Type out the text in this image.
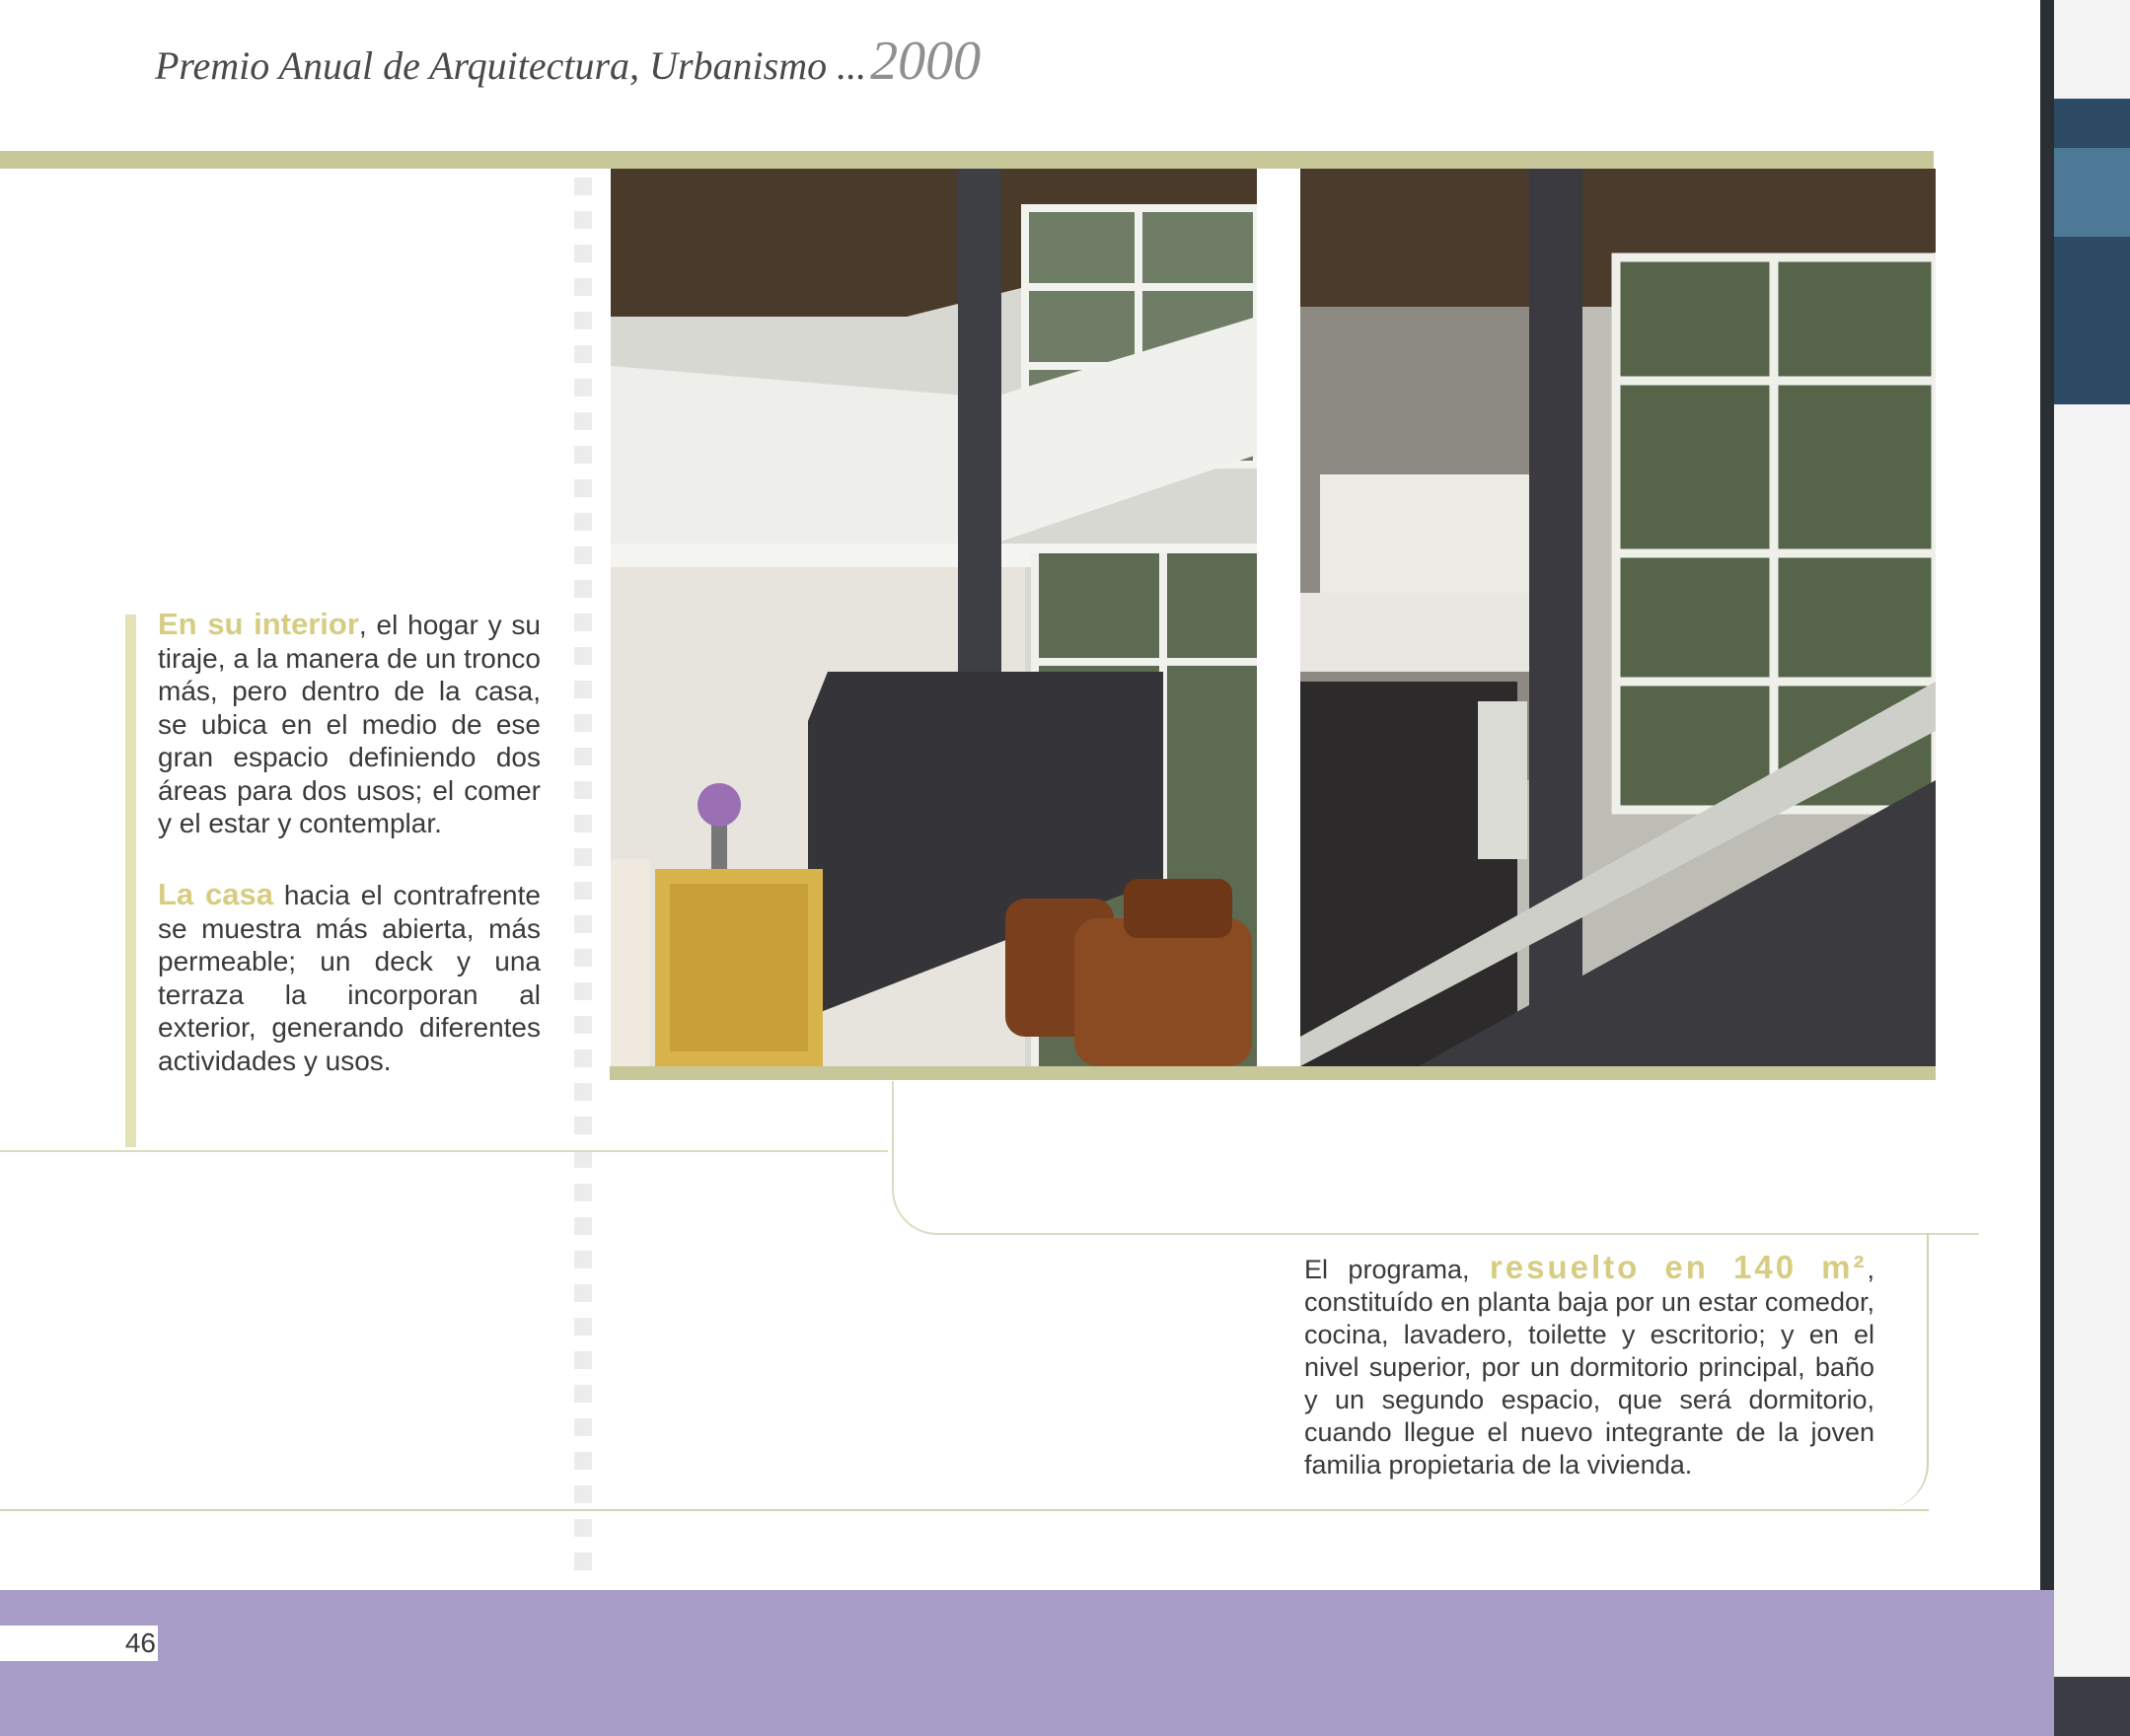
Premio Anual de Arquitectura, Urbanismo ...2000
En su interior, el hogar y su tiraje, a la manera de un tronco más, pero dentro de la casa, se ubica en el medio de ese gran espacio definiendo dos áreas para dos usos; el comer y el estar y contemplar.
La casa hacia el contrafrente se muestra más abierta, más permeable; un deck y una terraza la incorporan al exterior, generando diferentes actividades y usos.
El programa, resuelto en 140 m², constituído en planta baja por un estar comedor, cocina, lavadero, toilette y escritorio; y en el nivel superior, por un dormitorio principal, baño y un segundo espacio, que será dormitorio, cuando llegue el nuevo integrante de la joven familia propietaria de la vivienda.
46
